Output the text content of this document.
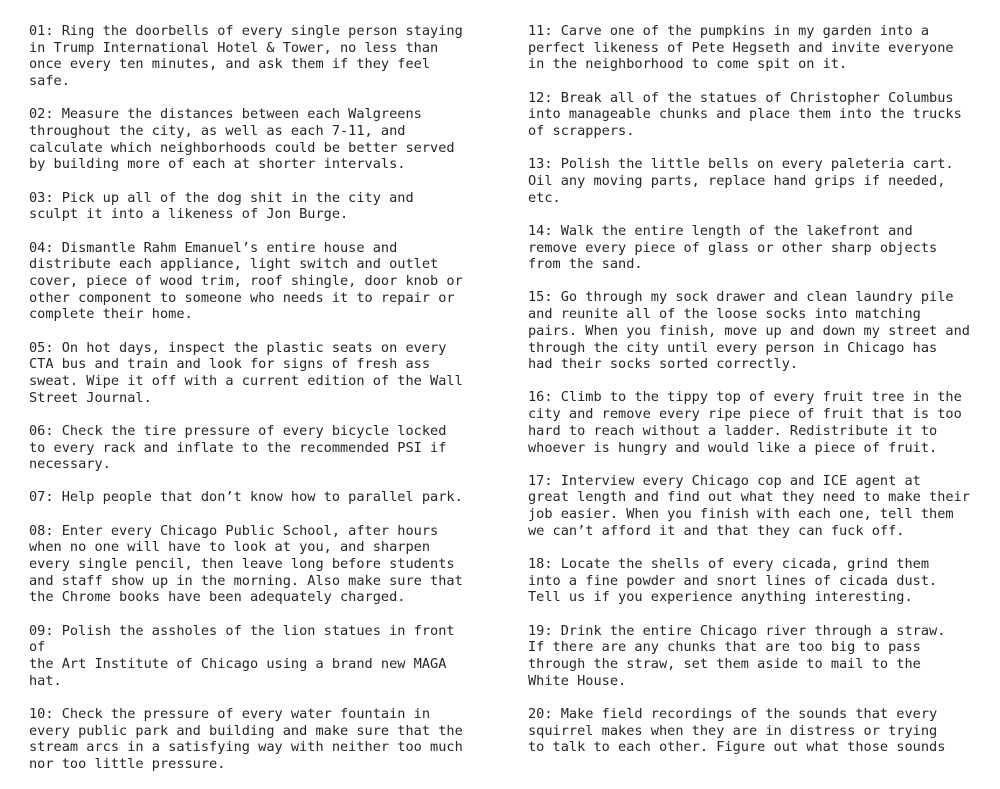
01: Ring the doorbells of every single person staying
in Trump International Hotel & Tower, no less than
once every ten minutes, and ask them if they feel
safe.

02: Measure the distances between each Walgreens
throughout the city, as well as each 7-11, and
calculate which neighborhoods could be better served
by building more of each at shorter intervals.

03: Pick up all of the dog shit in the city and
sculpt it into a likeness of Jon Burge.

04: Dismantle Rahm Emanuel’s entire house and
distribute each appliance, light switch and outlet
cover, piece of wood trim, roof shingle, door knob or
other component to someone who needs it to repair or
complete their home.

05: On hot days, inspect the plastic seats on every
CTA bus and train and look for signs of fresh ass
sweat. Wipe it off with a current edition of the Wall
Street Journal.

06: Check the tire pressure of every bicycle locked
to every rack and inflate to the recommended PSI if
necessary.

07: Help people that don’t know how to parallel park.

08: Enter every Chicago Public School, after hours
when no one will have to look at you, and sharpen
every single pencil, then leave long before students
and staff show up in the morning. Also make sure that
the Chrome books have been adequately charged.

09: Polish the assholes of the lion statues in front of
the Art Institute of Chicago using a brand new MAGA hat.

10: Check the pressure of every water fountain in
every public park and building and make sure that the
stream arcs in a satisfying way with neither too much
nor too little pressure.

11: Carve one of the pumpkins in my garden into a
perfect likeness of Pete Hegseth and invite everyone
in the neighborhood to come spit on it.

12: Break all of the statues of Christopher Columbus
into manageable chunks and place them into the trucks
of scrappers.

13: Polish the little bells on every paleteria cart.
Oil any moving parts, replace hand grips if needed, etc.

14: Walk the entire length of the lakefront and
remove every piece of glass or other sharp objects
from the sand.

15: Go through my sock drawer and clean laundry pile
and reunite all of the loose socks into matching
pairs. When you finish, move up and down my street and
through the city until every person in Chicago has
had their socks sorted correctly.

16: Climb to the tippy top of every fruit tree in the
city and remove every ripe piece of fruit that is too
hard to reach without a ladder. Redistribute it to
whoever is hungry and would like a piece of fruit.

17: Interview every Chicago cop and ICE agent at
great length and find out what they need to make their
job easier. When you finish with each one, tell them
we can’t afford it and that they can fuck off.

18: Locate the shells of every cicada, grind them
into a fine powder and snort lines of cicada dust.
Tell us if you experience anything interesting.

19: Drink the entire Chicago river through a straw.
If there are any chunks that are too big to pass
through the straw, set them aside to mail to the
White House.

20: Make field recordings of the sounds that every
squirrel makes when they are in distress or trying
to talk to each other. Figure out what those sounds
